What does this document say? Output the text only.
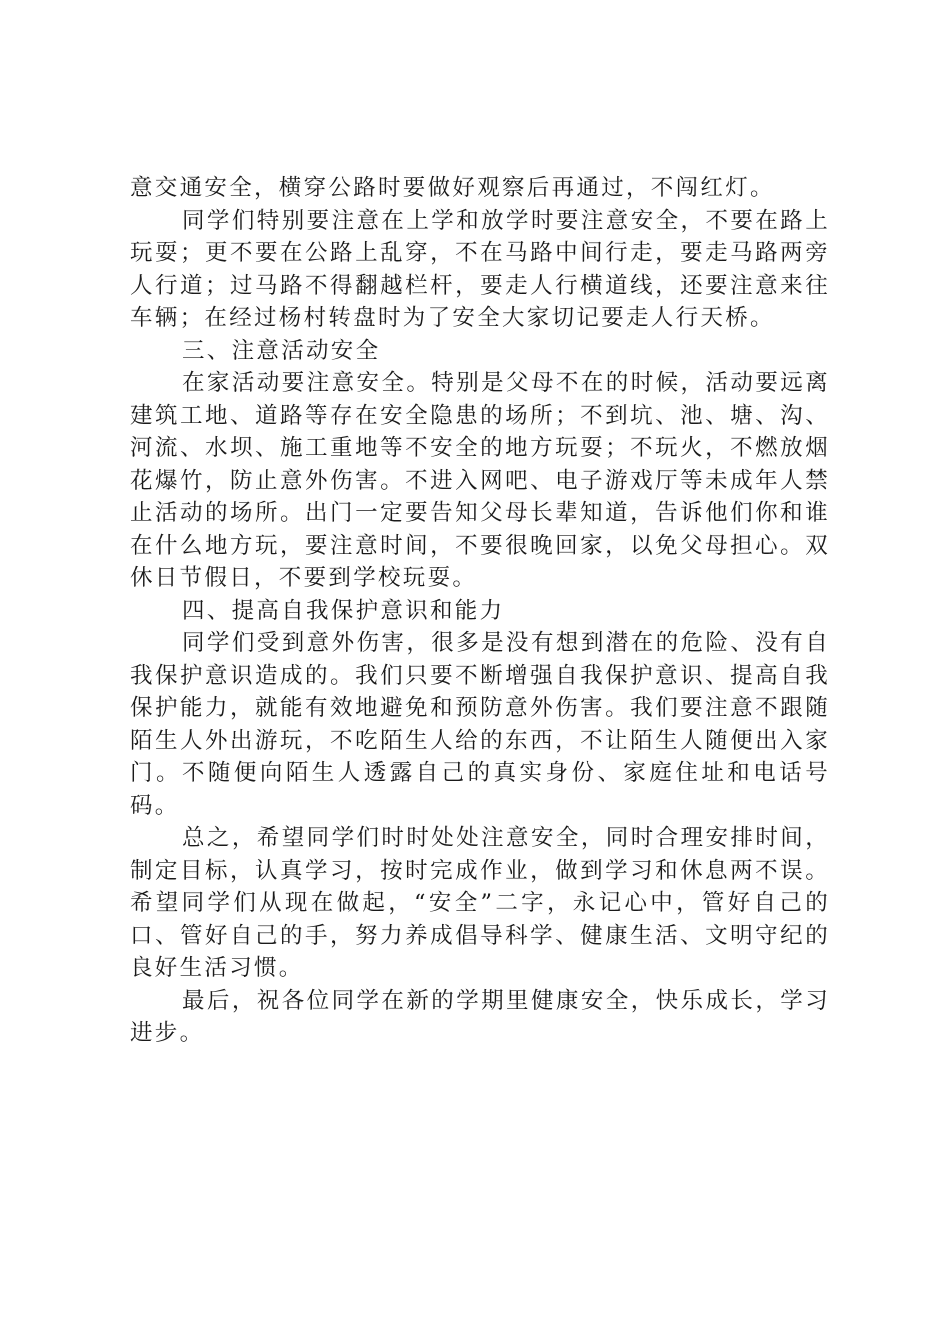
意交通安全，横穿公路时要做好观察后再通过，不闯红灯。

同学们特别要注意在上学和放学时要注意安全，不要在路上玩耍；更不要在公路上乱穿，不在马路中间行走，要走马路两旁人行道；过马路不得翻越栏杆，要走人行横道线，还要注意来往车辆；在经过杨村转盘时为了安全大家切记要走人行天桥。

三、注意活动安全

在家活动要注意安全。特别是父母不在的时候，活动要远离建筑工地、道路等存在安全隐患的场所；不到坑、池、塘、沟、河流、水坝、施工重地等不安全的地方玩耍；不玩火，不燃放烟花爆竹，防止意外伤害。不进入网吧、电子游戏厅等未成年人禁止活动的场所。出门一定要告知父母长辈知道，告诉他们你和谁在什么地方玩，要注意时间，不要很晚回家，以免父母担心。双休日节假日，不要到学校玩耍。

四、提高自我保护意识和能力

同学们受到意外伤害，很多是没有想到潜在的危险、没有自我保护意识造成的。我们只要不断增强自我保护意识、提高自我保护能力，就能有效地避免和预防意外伤害。我们要注意不跟随陌生人外出游玩，不吃陌生人给的东西，不让陌生人随便出入家门。不随便向陌生人透露自己的真实身份、家庭住址和电话号码。

总之，希望同学们时时处处注意安全，同时合理安排时间，制定目标，认真学习，按时完成作业，做到学习和休息两不误。希望同学们从现在做起，“安全”二字，永记心中，管好自己的口、管好自己的手，努力养成倡导科学、健康生活、文明守纪的良好生活习惯。

最后，祝各位同学在新的学期里健康安全，快乐成长，学习进步。
